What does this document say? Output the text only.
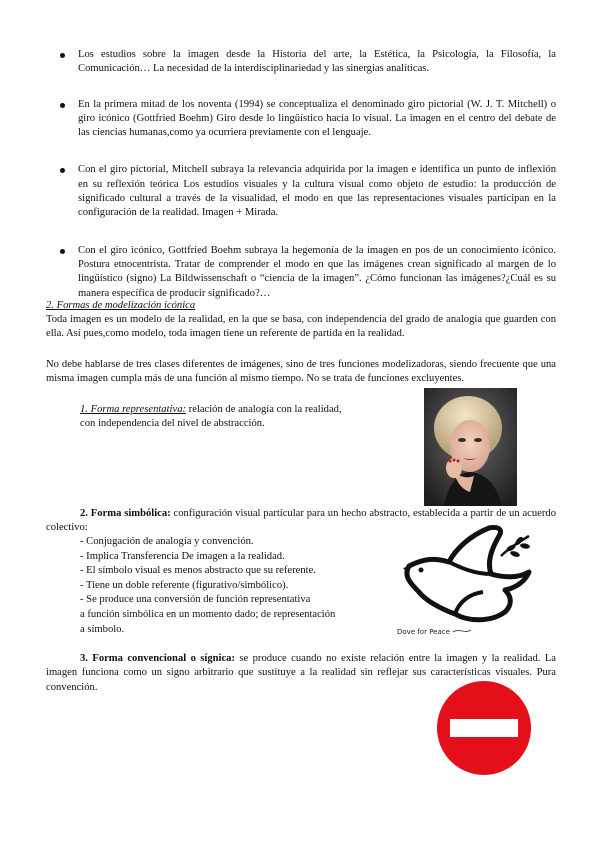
Los estudios sobre la imagen desde la Historia del arte, la Estética, la Psicología, la Filosofía, la Comunicación… La necesidad de la interdisciplinariedad y las sinergias analíticas.
En la primera mitad de los noventa (1994) se conceptualiza el denominado giro pictorial (W. J. T. Mitchell) o giro icónico (Gottfried Boehm) Giro desde lo lingüístico hacia lo visual. La imagen en el centro del debate de las ciencias humanas,como ya ocurriera previamente con el lenguaje.
Con el giro pictorial, Mitchell subraya la relevancia adquirida por la imagen e identifica un punto de inflexión en su reflexión teórica Los estudios visuales y la cultura visual como objeto de estudio: la producción de significado cultural a través de la visualidad, el modo en que las representaciones visuales participan en la configuración de la realidad. Imagen + Mirada.
Con el giro icónico, Gottfried Boehm subraya la hegemonía de la imagen en pos de un conocimiento icónico. Postura etnocentrista. Tratar de comprender el modo en que las imágenes crean significado al margen de lo lingüístico (signo) La Bildwissenschaft o “ciencia de la imagen”. ¿Cómo funcionan las imágenes?¿Cuál es su manera específica de producir significado?…
2. Formas de modelización icónica
Toda imagen es un modelo de la realidad, en la que se basa, con independencia del grado de analogía que guarden con ella. Así pues,como modelo, toda imagen tiene un referente de partida en la realidad.
No debe hablarse de tres clases diferentes de imágenes, sino de tres funciones modelizadoras, siendo frecuente que una misma imagen cumpla más de una función al mismo tiempo. No se trata de funciones excluyentes.
1. Forma representativa: relación de analogía con la realidad,
con independencia del nivel de abstracción.
2. Forma simbólica: configuración visual particular para un hecho abstracto, establecida a partir de un acuerdo colectivo:
- Conjugación de analogía y convención.
- Implica Transferencia De imagen a la realidad.
- El símbolo visual es menos abstracto que su referente.
- Tiene un doble referente (figurativo/simbólico).
- Se produce una conversión de función representativa
a función simbólica en un momento dado; de representación
a símbolo.	Dove for Peace
3. Forma convencional o sígnica: se produce cuando no existe relación entre la imagen y la realidad. La imagen funciona como un signo arbitrario que sustituye a la realidad sin reflejar sus características visuales. Pura convención.
